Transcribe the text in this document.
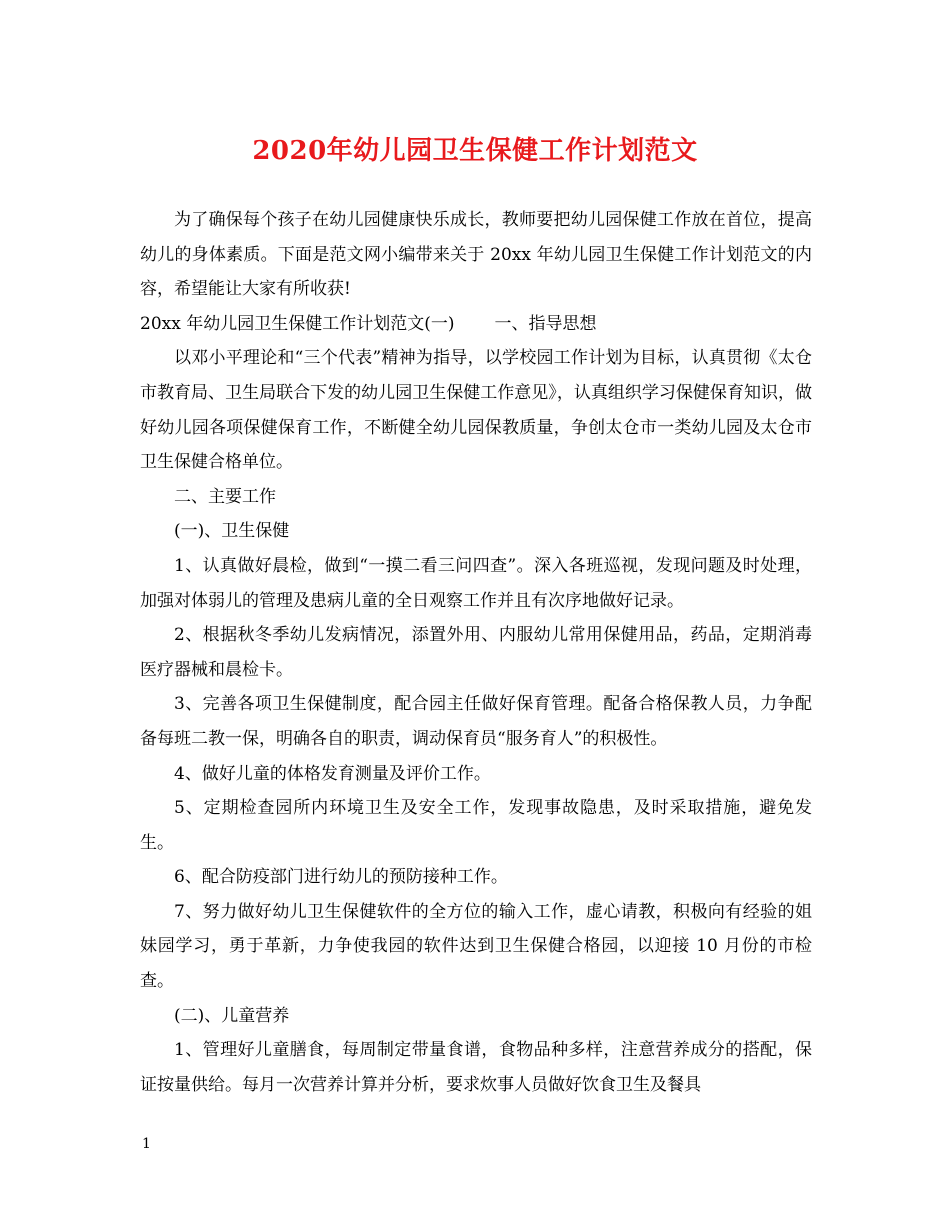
2020年幼儿园卫生保健工作计划范文

为了确保每个孩子在幼儿园健康快乐成长，教师要把幼儿园保健工作放在首位，提高幼儿的身体素质。下面是范文网小编带来关于 20xx 年幼儿园卫生保健工作计划范文的内容，希望能让大家有所收获!

20xx 年幼儿园卫生保健工作计划范文(一) 一、指导思想

以邓小平理论和“三个代表”精神为指导，以学校园工作计划为目标，认真贯彻《太仓市教育局、卫生局联合下发的幼儿园卫生保健工作意见》，认真组织学习保健保育知识，做好幼儿园各项保健保育工作，不断健全幼儿园保教质量，争创太仓市一类幼儿园及太仓市卫生保健合格单位。

二、主要工作

(一)、卫生保健

1、认真做好晨检，做到“一摸二看三问四查”。深入各班巡视，发现问题及时处理，加强对体弱儿的管理及患病儿童的全日观察工作并且有次序地做好记录。

2、根据秋冬季幼儿发病情况，添置外用、内服幼儿常用保健用品，药品，定期消毒医疗器械和晨检卡。

3、完善各项卫生保健制度，配合园主任做好保育管理。配备合格保教人员，力争配备每班二教一保，明确各自的职责，调动保育员“服务育人”的积极性。

4、做好儿童的体格发育测量及评价工作。

5、定期检查园所内环境卫生及安全工作，发现事故隐患，及时采取措施，避免发生。

6、配合防疫部门进行幼儿的预防接种工作。

7、努力做好幼儿卫生保健软件的全方位的输入工作，虚心请教，积极向有经验的姐妹园学习，勇于革新，力争使我园的软件达到卫生保健合格园，以迎接 10 月份的市检查。

(二)、儿童营养

1、管理好儿童膳食，每周制定带量食谱，食物品种多样，注意营养成分的搭配，保证按量供给。每月一次营养计算并分析，要求炊事人员做好饮食卫生及餐具

1
